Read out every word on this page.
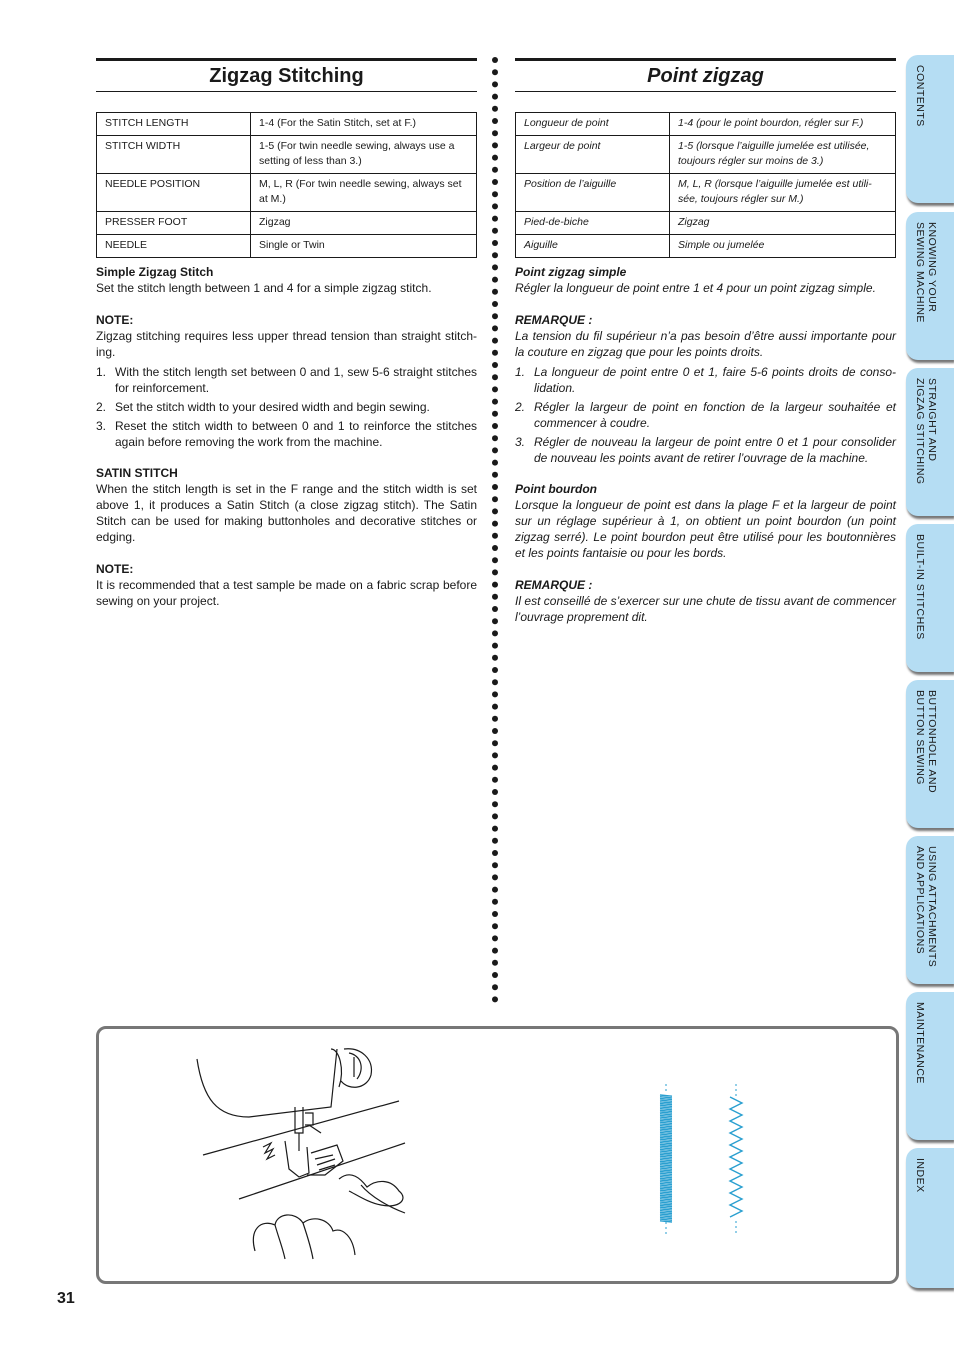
Zigzag Stitching
STITCH LENGTH	1-4 (For the Satin Stitch, set at F.)
STITCH WIDTH	1-5 (For twin needle sewing, always use a setting of less than 3.)
NEEDLE POSITION	M, L, R (For twin needle sewing, always set at M.)
PRESSER FOOT	Zigzag
NEEDLE	Single or Twin
Simple Zigzag Stitch

Set the stitch length between 1 and 4 for a simple zigzag stitch.

NOTE:

Zigzag stitching requires less upper thread tension than straight stitch-ing.

1. With the stitch length set between 0 and 1, sew 5-6 straight stitches for reinforcement.
2. Set the stitch width to your desired width and begin sewing.
3. Reset the stitch width to between 0 and 1 to reinforce the stitches again before removing the work from the machine.
SATIN STITCH

When the stitch length is set in the F range and the stitch width is set above 1, it produces a Satin Stitch (a close zigzag stitch). The Satin Stitch can be used for making buttonholes and decorative stitches or edging.

NOTE:

It is recommended that a test sample be made on a fabric scrap before sewing on your project.

Point zigzag
Longueur de point	1-4 (pour le point bourdon, régler sur F.)
Largeur de point	1-5 (lorsque l’aiguille jumelée est utilisée, toujours régler sur moins de 3.)
Position de l’aiguille	M, L, R (lorsque l’aiguille jumelée est utili-sée, toujours régler sur M.)
Pied-de-biche	Zigzag
Aiguille	Simple ou jumelée
Point zigzag simple

Régler la longueur de point entre 1 et 4 pour un point zigzag simple.

REMARQUE :

La tension du fil supérieur n’a pas besoin d’être aussi importante pour la couture en zigzag que pour les points droits.

1. La longueur de point entre 0 et 1, faire 5-6 points droits de conso-lidation.
2. Régler la largeur de point en fonction de la largeur souhaitée et commencer à coudre.
3. Régler de nouveau la largeur de point entre 0 et 1 pour consolider de nouveau les points avant de retirer l’ouvrage de la machine.
Point bourdon

Lorsque la longueur de point est dans la plage F et la largeur de point sur un réglage supérieur à 1, on obtient un point bourdon (un point zigzag serré). Le point bourdon peut être utilisé pour les boutonnières et les points fantaisie ou pour les bords.

REMARQUE :

Il est conseillé de s’exercer sur une chute de tissu avant de commencer l’ouvrage proprement dit.

31
CONTENTS
KNOWING YOUR
SEWING MACHINE
STRAIGHT AND
ZIGZAG STITCHING
BUILT-IN STITCHES
BUTTONHOLE AND
BUTTON SEWING
USING ATTACHMENTS
AND APPLICATIONS
MAINTENANCE
INDEX
